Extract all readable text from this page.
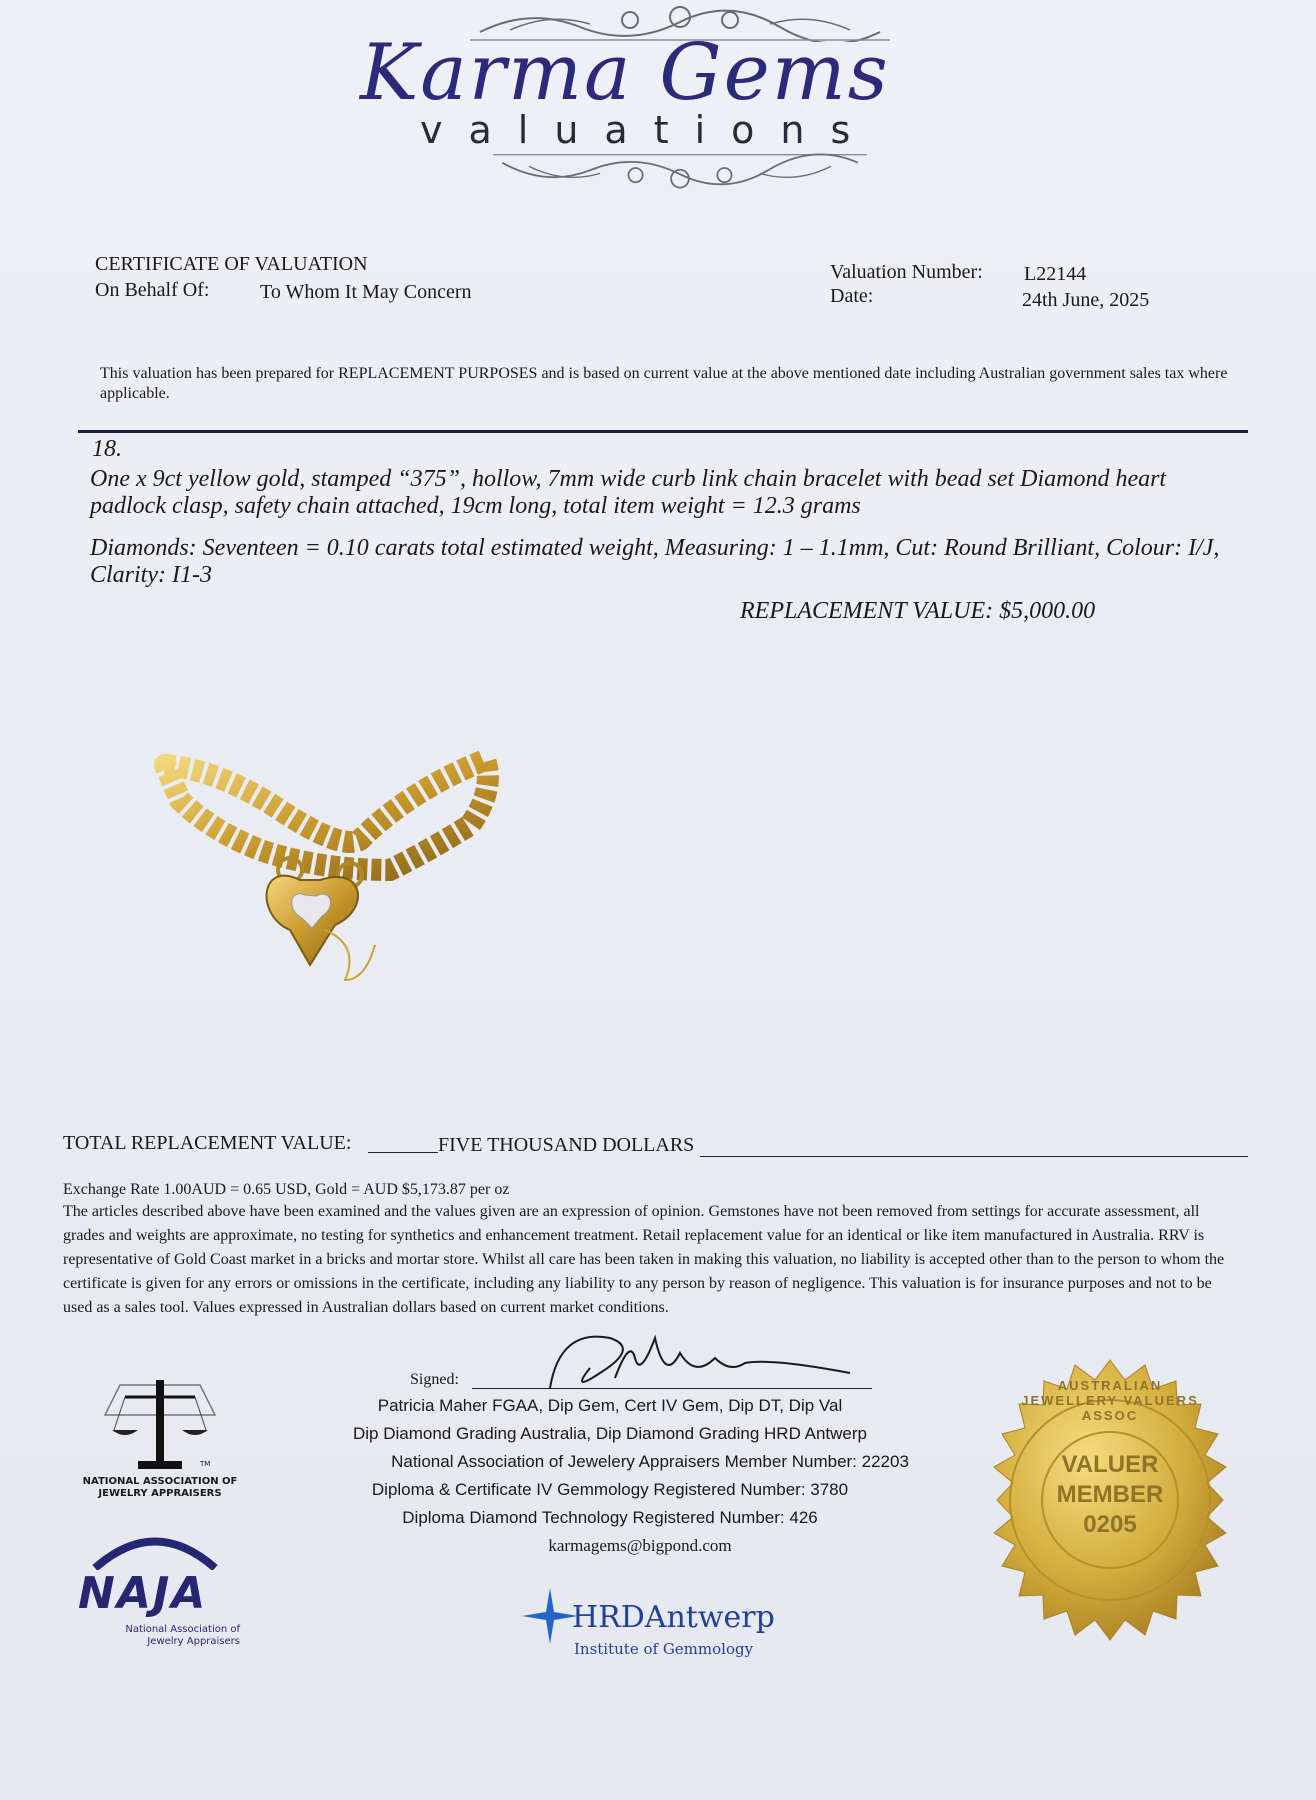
Karma Gems
valuations
CERTIFICATE OF VALUATION
On Behalf Of:	To Whom It May Concern
Valuation Number: L22144
Date:	24th June, 2025
This valuation has been prepared for REPLACEMENT PURPOSES and is based on current value at the above mentioned date including Australian government sales tax where applicable.
18.
One x 9ct yellow gold, stamped “375”, hollow, 7mm wide curb link chain bracelet with bead set Diamond heart padlock clasp, safety chain attached, 19cm long, total item weight = 12.3 grams
Diamonds: Seventeen = 0.10 carats total estimated weight, Measuring: 1 – 1.1mm, Cut: Round Brilliant, Colour: I/J, Clarity: I1-3
REPLACEMENT VALUE: $5,000.00
TOTAL REPLACEMENT VALUE:	FIVE THOUSAND DOLLARS
Exchange Rate 1.00AUD = 0.65 USD, Gold = AUD $5,173.87 per oz
The articles described above have been examined and the values given are an expression of opinion. Gemstones have not been removed from settings for accurate assessment, all grades and weights are approximate, no testing for synthetics and enhancement treatment. Retail replacement value for an identical or like item manufactured in Australia. RRV is representative of Gold Coast market in a bricks and mortar store. Whilst all care has been taken in making this valuation, no liability is accepted other than to the person to whom the certificate is given for any errors or omissions in the certificate, including any liability to any person by reason of negligence. This valuation is for insurance purposes and not to be used as a sales tool. Values expressed in Australian dollars based on current market conditions.
Signed:
Patricia Maher FGAA, Dip Gem, Cert IV Gem, Dip DT, Dip Val
Dip Diamond Grading Australia, Dip Diamond Grading HRD Antwerp
National Association of Jewelery Appraisers Member Number: 22203
Diploma & Certificate IV Gemmology Registered Number: 3780
Diploma Diamond Technology Registered Number: 426
karmagems@bigpond.com
TM
NATIONAL ASSOCIATION OF
JEWELRY APPRAISERS
NAJA
National Association of
Jewelry Appraisers
HRDAntwerp
Institute of Gemmology
AUSTRALIAN JEWELLERY VALUERS ASSOC
VALUER
MEMBER
0205
